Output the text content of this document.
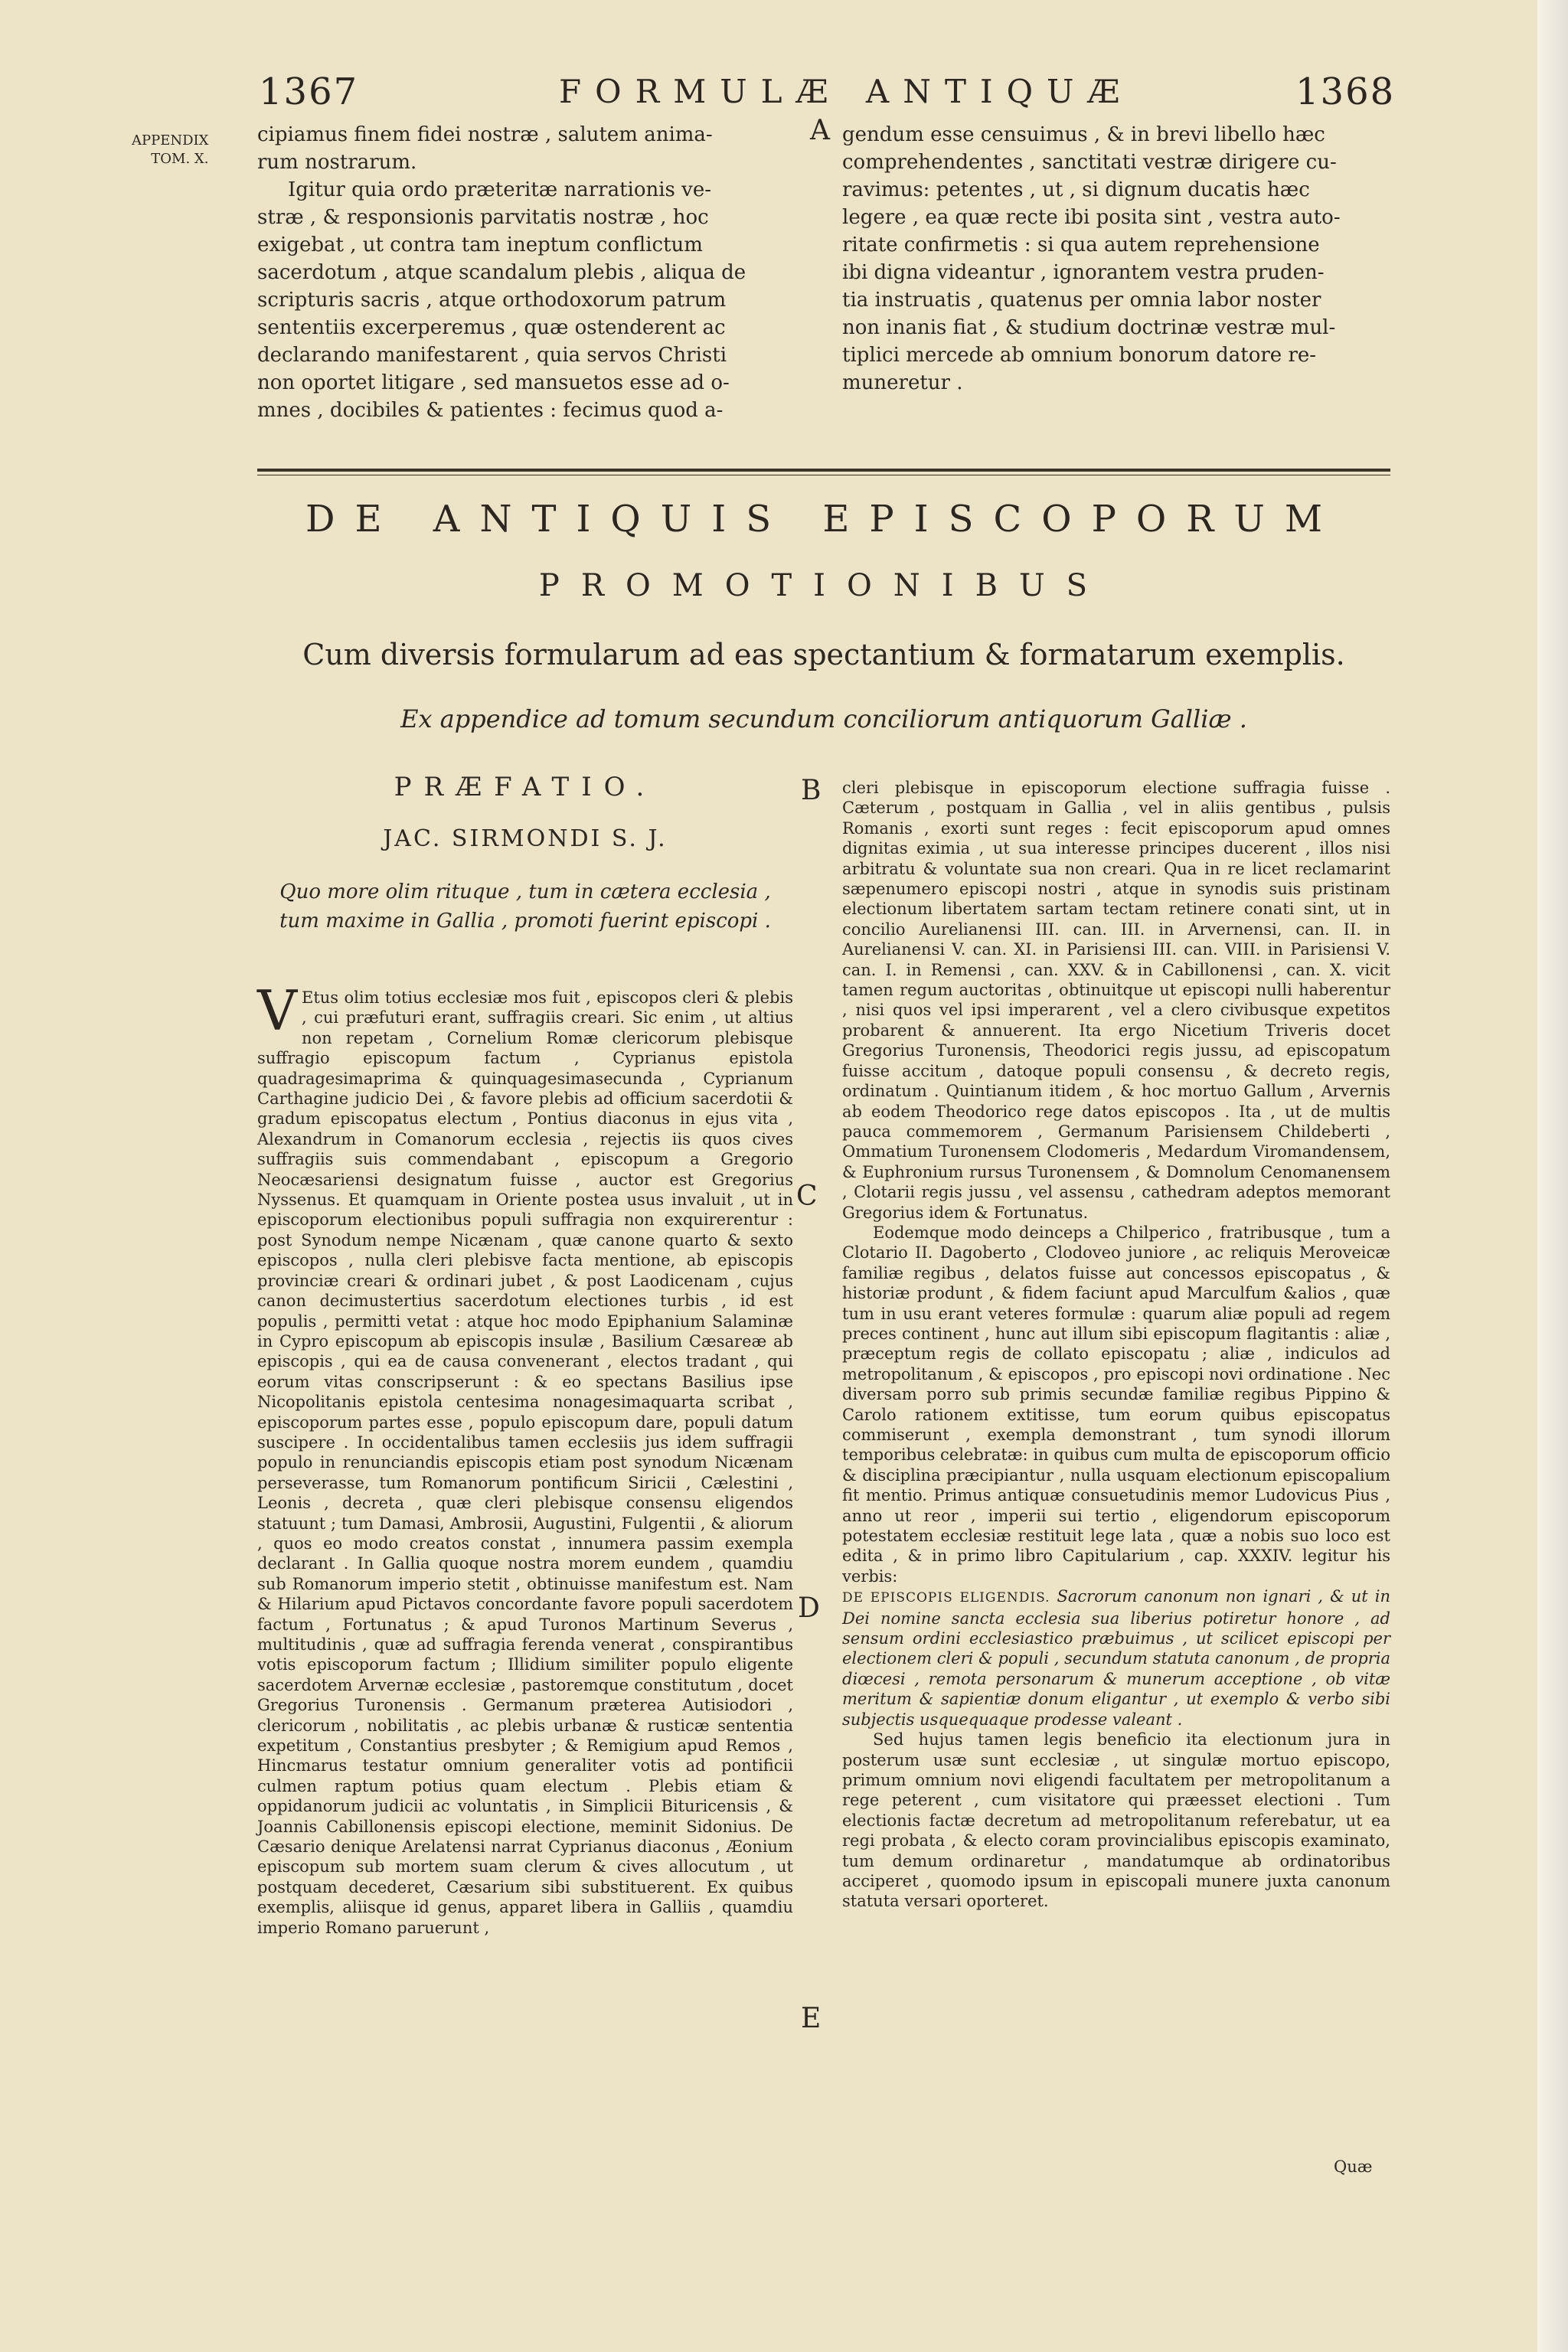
1367	FORMULÆ ANTIQUÆ	1368
APPENDIX
TOM. X.

cipiamus finem fidei nostræ , salutem anima-

rum nostrarum.

Igitur quia ordo præteritæ narrationis ve-

stræ , & responsionis parvitatis nostræ , hoc

exigebat , ut contra tam ineptum conflictum

sacerdotum , atque scandalum plebis , aliqua de

scripturis sacris , atque orthodoxorum patrum

sententiis excerperemus , quæ ostenderent ac

declarando manifestarent , quia servos Christi

non oportet litigare , sed mansuetos esse ad o-

mnes , docibiles & patientes : fecimus quod a-

A gendum esse censuimus , & in brevi libello hæc

comprehendentes , sanctitati vestræ dirigere cu-

ravimus: petentes , ut , si dignum ducatis hæc

legere , ea quæ recte ibi posita sint , vestra auto-

ritate confirmetis : si qua autem reprehensione

ibi digna videantur , ignorantem vestra pruden-

tia instruatis , quatenus per omnia labor noster

non inanis fiat , & studium doctrinæ vestræ mul-

tiplici mercede ab omnium bonorum datore re-

muneretur .

DE ANTIQUIS EPISCOPORUM
PROMOTIONIBUS
Cum diversis formularum ad eas spectantium & formatarum exemplis.
Ex appendice ad tomum secundum conciliorum antiquorum Galliæ .
PRÆFATIO.
JAC. SIRMONDI S. J.
Quo more olim rituque , tum in cætera ecclesia , tum maxime in Gallia , promoti fuerint episcopi .

V Etus olim totius ecclesiæ mos fuit , episcopos cleri & plebis , cui præfuturi erant, suffragiis creari. Sic enim , ut altius non repetam , Cornelium Romæ clericorum plebisque suffragio episcopum factum , Cyprianus epistola quadragesimaprima & quinquagesimasecunda , Cyprianum Carthagine judicio Dei , & favore plebis ad officium sacerdotii & gradum episcopatus electum , Pontius diaconus in ejus vita , Alexandrum in Comanorum ecclesia , rejectis iis quos cives suffragiis suis commendabant , episcopum a Gregorio Neocæsariensi designatum fuisse , auctor est Gregorius Nyssenus. Et quamquam in Oriente postea usus invaluit , ut in episcoporum electionibus populi suffragia non exquirerentur : post Synodum nempe Nicænam , quæ canone quarto & sexto episcopos , nulla cleri plebisve facta mentione, ab episcopis provinciæ creari & ordinari jubet , & post Laodicenam , cujus canon decimustertius sacerdotum electiones turbis , id est populis , permitti vetat : atque hoc modo Epiphanium Salaminæ in Cypro episcopum ab episcopis insulæ , Basilium Cæsareæ ab episcopis , qui ea de causa convenerant , electos tradant , qui eorum vitas conscripserunt : & eo spectans Basilius ipse Nicopolitanis epistola centesima nonagesimaquarta scribat , episcoporum partes esse , populo episcopum dare, populi datum suscipere . In occidentalibus tamen ecclesiis jus idem suffragii populo in renunciandis episcopis etiam post synodum Nicænam perseverasse, tum Romanorum pontificum Siricii , Cælestini , Leonis , decreta , quæ cleri plebisque consensu eligendos statuunt ; tum Damasi, Ambrosii, Augustini, Fulgentii , & aliorum , quos eo modo creatos constat , innumera passim exempla declarant . In Gallia quoque nostra morem eundem , quamdiu sub Romanorum imperio stetit , obtinuisse manifestum est. Nam & Hilarium apud Pictavos concordante favore populi sacerdotem factum , Fortunatus ; & apud Turonos Martinum Severus , multitudinis , quæ ad suffragia ferenda venerat , conspirantibus votis episcoporum factum ; Illidium similiter populo eligente sacerdotem Arvernæ ecclesiæ , pastoremque constitutum , docet Gregorius Turonensis . Germanum præterea Autisiodori , clericorum , nobilitatis , ac plebis urbanæ & rusticæ sententia expetitum , Constantius presbyter ; & Remigium apud Remos , Hincmarus testatur omnium generaliter votis ad pontificii culmen raptum potius quam electum . Plebis etiam & oppidanorum judicii ac voluntatis , in Simplicii Bituricensis , & Joannis Cabillonensis episcopi electione, meminit Sidonius. De Cæsario denique Arelatensi narrat Cyprianus diaconus , Æonium episcopum sub mortem suam clerum & cives allocutum , ut postquam decederet, Cæsarium sibi substituerent. Ex quibus exemplis, aliisque id genus, apparet libera in Galliis , quamdiu imperio Romano paruerunt ,

B
C
D
E

cleri plebisque in episcoporum electione suffragia fuisse . Cæterum , postquam in Gallia , vel in aliis gentibus , pulsis Romanis , exorti sunt reges : fecit episcoporum apud omnes dignitas eximia , ut sua interesse principes ducerent , illos nisi arbitratu & voluntate sua non creari. Qua in re licet reclamarint sæpenumero episcopi nostri , atque in synodis suis pristinam electionum libertatem sartam tectam retinere conati sint, ut in concilio Aurelianensi III. can. III. in Arvernensi, can. II. in Aurelianensi V. can. XI. in Parisiensi III. can. VIII. in Parisiensi V. can. I. in Remensi , can. XXV. & in Cabillonensi , can. X. vicit tamen regum auctoritas , obtinuitque ut episcopi nulli haberentur , nisi quos vel ipsi imperarent , vel a clero civibusque expetitos probarent & annuerent. Ita ergo Nicetium Triveris docet Gregorius Turonensis, Theodorici regis jussu, ad episcopatum fuisse accitum , datoque populi consensu , & decreto regis, ordinatum . Quintianum itidem , & hoc mortuo Gallum , Arvernis ab eodem Theodorico rege datos episcopos . Ita , ut de multis pauca commemorem , Germanum Parisiensem Childeberti , Ommatium Turonensem Clodomeris , Medardum Viromandensem, & Euphronium rursus Turonensem , & Domnolum Cenomanensem , Clotarii regis jussu , vel assensu , cathedram adeptos memorant Gregorius idem & Fortunatus.

Eodemque modo deinceps a Chilperico , fratribusque , tum a Clotario II. Dagoberto , Clodoveo juniore , ac reliquis Meroveicæ familiæ regibus , delatos fuisse aut concessos episcopatus , & historiæ produnt , & fidem faciunt apud Marculfum &alios , quæ tum in usu erant veteres formulæ : quarum aliæ populi ad regem preces continent , hunc aut illum sibi episcopum flagitantis : aliæ , præceptum regis de collato episcopatu ; aliæ , indiculos ad metropolitanum , & episcopos , pro episcopi novi ordinatione . Nec diversam porro sub primis secundæ familiæ regibus Pippino & Carolo rationem extitisse, tum eorum quibus episcopatus commiserunt , exempla demonstrant , tum synodi illorum temporibus celebratæ: in quibus cum multa de episcoporum officio & disciplina præcipiantur , nulla usquam electionum episcopalium fit mentio. Primus antiquæ consuetudinis memor Ludovicus Pius , anno ut reor , imperii sui tertio , eligendorum episcoporum potestatem ecclesiæ restituit lege lata , quæ a nobis suo loco est edita , & in primo libro Capitularium , cap. XXXIV. legitur his verbis:

DE EPISCOPIS ELIGENDIS. Sacrorum canonum non ignari , & ut in Dei nomine sancta ecclesia sua liberius potiretur honore , ad sensum ordini ecclesiastico præbuimus , ut scilicet episcopi per electionem cleri & populi , secundum statuta canonum , de propria diœcesi , remota personarum & munerum acceptione , ob vitæ meritum & sapientiæ donum eligantur , ut exemplo & verbo sibi subjectis usquequaque prodesse valeant .

Sed hujus tamen legis beneficio ita electionum jura in posterum usæ sunt ecclesiæ , ut singulæ mortuo episcopo, primum omnium novi eligendi facultatem per metropolitanum a rege peterent , cum visitatore qui præesset electioni . Tum electionis factæ decretum ad metropolitanum referebatur, ut ea regi probata , & electo coram provincialibus episcopis examinato, tum demum ordinaretur , mandatumque ab ordinatoribus acciperet , quomodo ipsum in episcopali munere juxta canonum statuta versari oporteret.

Quæ
